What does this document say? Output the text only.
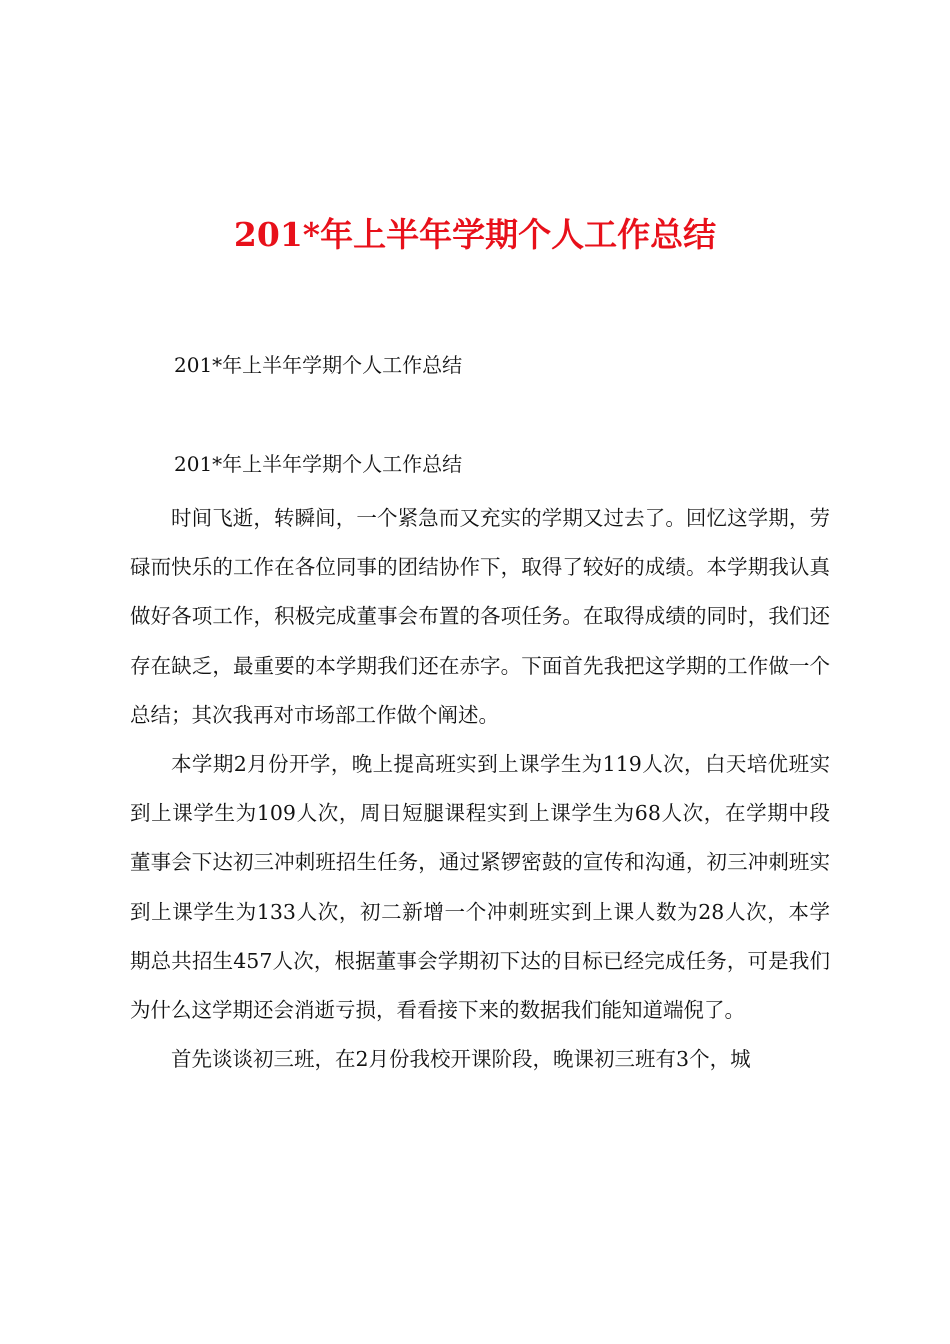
201*年上半年学期个人工作总结
201*年上半年学期个人工作总结
201*年上半年学期个人工作总结

时间飞逝，转瞬间，一个紧急而又充实的学期又过去了。回忆这学期，劳碌而快乐的工作在各位同事的团结协作下，取得了较好的成绩。本学期我认真做好各项工作，积极完成董事会布置的各项任务。在取得成绩的同时，我们还存在缺乏，最重要的本学期我们还在赤字。下面首先我把这学期的工作做一个总结；其次我再对市场部工作做个阐述。

本学期2月份开学，晚上提高班实到上课学生为119人次，白天培优班实到上课学生为109人次，周日短腿课程实到上课学生为68人次，在学期中段董事会下达初三冲刺班招生任务，通过紧锣密鼓的宣传和沟通，初三冲刺班实到上课学生为133人次，初二新增一个冲刺班实到上课人数为28人次，本学期总共招生457人次，根据董事会学期初下达的目标已经完成任务，可是我们为什么这学期还会消逝亏损，看看接下来的数据我们能知道端倪了。

首先谈谈初三班，在2月份我校开课阶段，晚课初三班有3个，城
